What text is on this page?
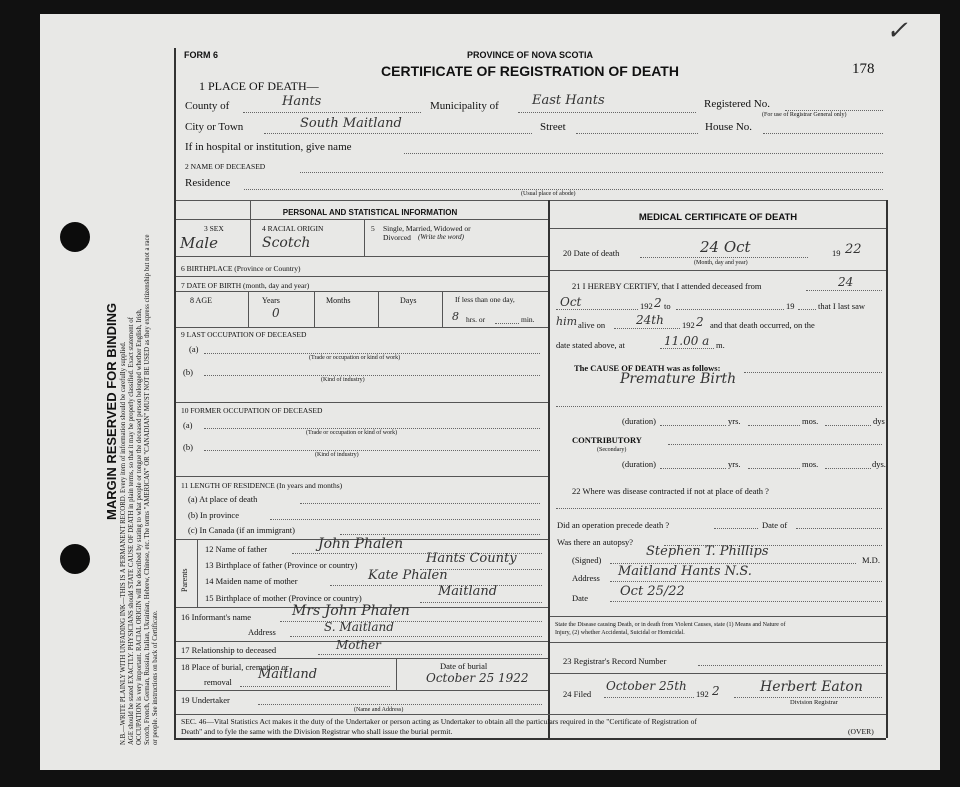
MARGIN RESERVED FOR BINDING N.B.—WRITE PLAINLY WITH UNFADING INK—THIS IS A PERMANENT RECORD. Every item of information should be carefully supplied. AGE should be stated EXACTLY. PHYSICIANS should STATE CAUSE OF DEATH in plain terms, so that it may be properly classified. Exact statement of OCCUPATION is very important. RACIAL ORIGIN will be described by stating to what people or tongue the deceased person belonged whether English, Irish, Scotch, French, German, Russian, Italian, Ukrainian, Hebrew, Chinese, etc. The terms "AMERICAN" OR "CANADIAN" MUST NOT BE USED as they express citizenship but not a race or people. See instructions on back of Certificate.
FORM 6	PROVINCE OF NOVA SCOTIA
CERTIFICATE OF REGISTRATION OF DEATH	178
✓
1 PLACE OF DEATH—
County of	Hants	Municipality of	East Hants	Registered No.
(For use of Registrar General only)
City or Town	South Maitland	Street	House No.
If in hospital or institution, give name
2 NAME OF DECEASED
Residence
(Usual place of abode)
PERSONAL AND STATISTICAL INFORMATION
3 SEX
Male
4 RACIAL ORIGIN
Scotch
5 Single, Married, Widowed or
Divorced (Write the word)
6 BIRTHPLACE (Province or Country)
7 DATE OF BIRTH (month, day and year)
8 AGE	Years
0
Months	Days	If less than one day,
8 hrs. or	min.
9 LAST OCCUPATION OF DECEASED
(a)
(Trade or occupation or kind of work)
(b)
(Kind of industry)
10 FORMER OCCUPATION OF DECEASED
(a)
(Trade or occupation or kind of work)
(b)
(Kind of industry)
11 LENGTH OF RESIDENCE (In years and months)
(a) At place of death
(b) In province
(c) In Canada (if an immigrant)
Parents
12 Name of father	John Phalen
13 Birthplace of father (Province or country)	Hants County
14 Maiden name of mother	Kate Phalen
15 Birthplace of mother (Province or country)	Maitland
16 Informant's name	Mrs John Phalen
Address	S. Maitland
17 Relationship to deceased	Mother
18 Place of burial, cremation or
removal Maitland
Date of burial
October 25 1922
19 Undertaker
(Name and Address)
MEDICAL CERTIFICATE OF DEATH
20 Date of death	24 Oct	19 22
(Month, day and year)
21 I HEREBY CERTIFY, that I attended deceased from	24
Oct	192 2 to	19	that I last saw
him alive on	24th 192 2 and that death occurred, on the
date stated above, at	11.00 a m.
The CAUSE OF DEATH was as follows:
Premature Birth
(duration)	yrs.	mos.	dys
CONTRIBUTORY
(Secondary)
(duration)	yrs.	mos.	dys.
22 Where was disease contracted if not at place of death ?
Did an operation precede death ?	Date of
Was there an autopsy?
(Signed)
Stephen T. Phillips
M.D.
Address Maitland Hants N.S.
Date Oct 25/22
State the Disease causing Death, or in death from Violent Causes, state (1) Means and Nature of
Injury, (2) whether Accidental, Suicidal or Homicidal.
23 Registrar's Record Number
24 Filed
October 25th
192 2	Herbert Eaton
Division Registrar
SEC. 46—Vital Statistics Act makes it the duty of the Undertaker or person acting as Undertaker to obtain all the particulars required in the "Certificate of Registration of
Death" and to fyle the same with the Division Registrar who shall issue the burial permit.	(OVER)
